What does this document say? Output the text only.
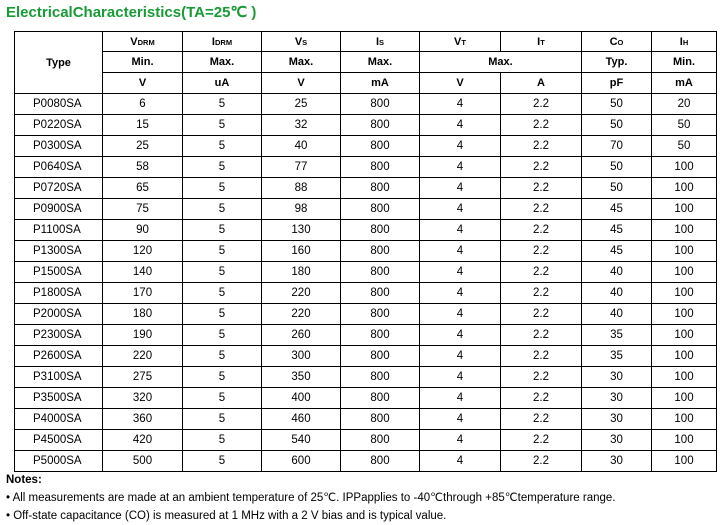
ElectricalCharacteristics(TA=25℃ )
Type	VDRM	IDRM	VS	IS	VT	IT	CO	IH
	Min.	Max.	Max.	Max.	Max.		Typ.	Min.
	V	uA	V	mA	V	A	pF	mA
P0080SA	6	5	25	800	4	2.2	50	20
P0220SA	15	5	32	800	4	2.2	50	50
P0300SA	25	5	40	800	4	2.2	70	50
P0640SA	58	5	77	800	4	2.2	50	100
P0720SA	65	5	88	800	4	2.2	50	100
P0900SA	75	5	98	800	4	2.2	45	100
P1100SA	90	5	130	800	4	2.2	45	100
P1300SA	120	5	160	800	4	2.2	45	100
P1500SA	140	5	180	800	4	2.2	40	100
P1800SA	170	5	220	800	4	2.2	40	100
P2000SA	180	5	220	800	4	2.2	40	100
P2300SA	190	5	260	800	4	2.2	35	100
P2600SA	220	5	300	800	4	2.2	35	100
P3100SA	275	5	350	800	4	2.2	30	100
P3500SA	320	5	400	800	4	2.2	30	100
P4000SA	360	5	460	800	4	2.2	30	100
P4500SA	420	5	540	800	4	2.2	30	100
P5000SA	500	5	600	800	4	2.2	30	100
Notes:
• All measurements are made at an ambient temperature of 25℃. IPPapplies to -40℃through +85℃temperature range.
• Off-state capacitance (CO) is measured at 1 MHz with a 2 V bias and is typical value.
